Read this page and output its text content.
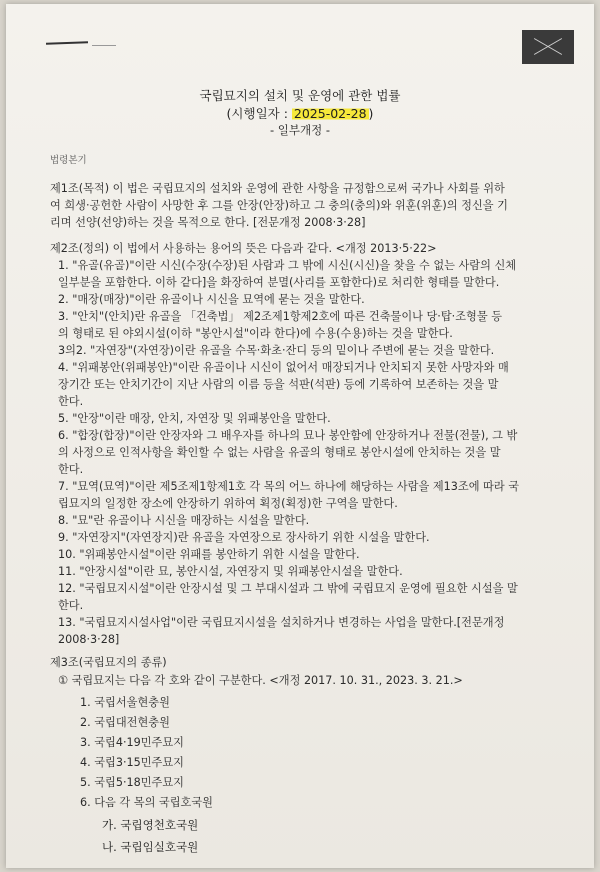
국립묘지의 설치 및 운영에 관한 법률
(시행일자 : 2025-02-28 )
- 일부개정 -
법령본기
제1조(목적) 이 법은 국립묘지의 설치와 운영에 관한 사항을 규정함으로써 국가나 사회를 위하
여 희생·공헌한 사람이 사망한 후 그를 안장(안장)하고 그 충의(충의)와 위훈(위훈)의 정신을 기
리며 선양(선양)하는 것을 목적으로 한다. [전문개정 2008·3·28]
제2조(정의) 이 법에서 사용하는 용어의 뜻은 다음과 같다. <개정 2013·5·22>
1. "유골(유골)"이란 시신(수장(수장)된 사람과 그 밖에 시신(시신)을 찾을 수 없는 사람의 신체
일부분을 포함한다. 이하 같다]을 화장하여 분멸(사리를 포함한다)로 처리한 형태를 말한다.
2. "매장(매장)"이란 유골이나 시신을 묘역에 묻는 것을 말한다.
3. "안치"(안치)란 유골을 「건축법」 제2조제1항제2호에 따른 건축물이나 당·탑·조형물 등
의 형태로 된 야외시설(이하 "봉안시설"이라 한다)에 수용(수용)하는 것을 말한다.
3의2. "자연장"(자연장)이란 유골을 수목·화초·잔디 등의 밑이나 주변에 묻는 것을 말한다.
4. "위패봉안(위패봉안)"이란 유골이나 시신이 없어서 매장되거나 안치되지 못한 사망자와 매
장기간 또는 안치기간이 지난 사람의 이름 등을 석판(석판) 등에 기록하여 보존하는 것을 말
한다.
5. "안장"이란 매장, 안치, 자연장 및 위패봉안을 말한다.
6. "합장(합장)"이란 안장자와 그 배우자를 하나의 묘나 봉안함에 안장하거나 전물(전물), 그 밖
의 사정으로 인적사항을 확인할 수 없는 사람을 유골의 형태로 봉안시설에 안치하는 것을 말
한다.
7. "묘역(묘역)"이란 제5조제1항제1호 각 목의 어느 하나에 해당하는 사람을 제13조에 따라 국
립묘지의 일정한 장소에 안장하기 위하여 획정(획정)한 구역을 말한다.
8. "묘"란 유골이나 시신을 매장하는 시설을 말한다.
9. "자연장지"(자연장지)란 유골을 자연장으로 장사하기 위한 시설을 말한다.
10. "위패봉안시설"이란 위패를 봉안하기 위한 시설을 말한다.
11. "안장시설"이란 묘, 봉안시설, 자연장지 및 위패봉안시설을 말한다.
12. "국립묘지시설"이란 안장시설 및 그 부대시설과 그 밖에 국립묘지 운영에 필요한 시설을 말
한다.
13. "국립묘지시설사업"이란 국립묘지시설을 설치하거나 변경하는 사업을 말한다.[전문개정
2008·3·28]
제3조(국립묘지의 종류)
① 국립묘지는 다음 각 호와 같이 구분한다. <개정 2017. 10. 31., 2023. 3. 21.>
1. 국립서울현충원
2. 국립대전현충원
3. 국립4·19민주묘지
4. 국립3·15민주묘지
5. 국립5·18민주묘지
6. 다음 각 목의 국립호국원
가. 국립영천호국원
나. 국립임실호국원
